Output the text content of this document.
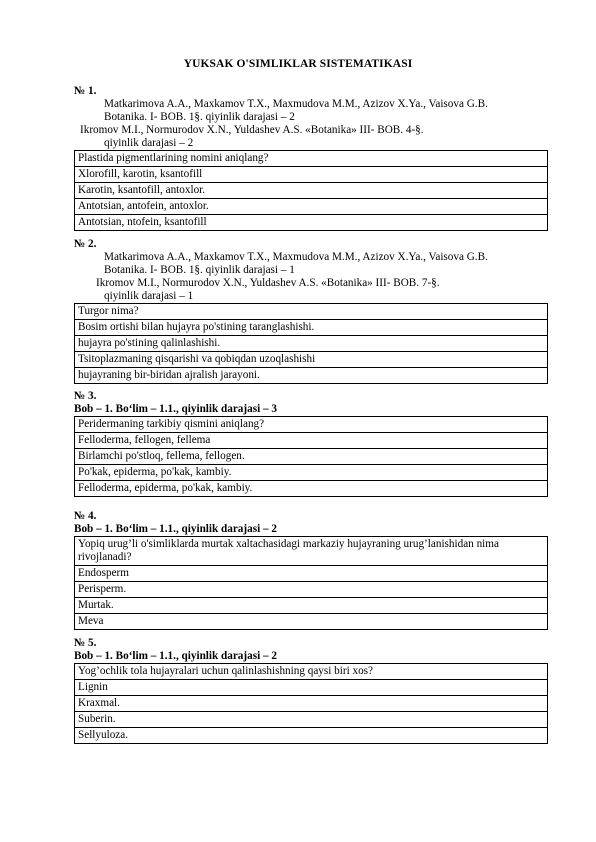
YUKSAK O'SIMLIKLAR SISTEMATIKASI
№ 1.
Matkarimova A.A., Maxkamov T.X., Maxmudova M.M., Azizov X.Ya., Vaisova G.B.
Botanika. I- BOB. 1§. qiyinlik darajasi – 2
Ikromov M.I., Normurodov X.N., Yuldashev A.S. «Botanika» III- BOB. 4-§.
qiyinlik darajasi – 2
Plastida pigmentlarining nomini aniqlang?
Xlorofill, karotin, ksantofill
Karotin, ksantofill, antoxlor.
Antotsian, antofein, antoxlor.
Antotsian, ntofein, ksantofill
№ 2.
Matkarimova A.A., Maxkamov T.X., Maxmudova M.M., Azizov X.Ya., Vaisova G.B.
Botanika. I- BOB. 1§. qiyinlik darajasi – 1
Ikromov M.I., Normurodov X.N., Yuldashev A.S. «Botanika» III- BOB. 7-§.
qiyinlik darajasi – 1
Turgor nima?
Bosim ortishi bilan hujayra po'stining taranglashishi.
hujayra po'stining qalinlashishi.
Tsitoplazmaning qisqarishi va qobiqdan uzoqlashishi
hujayraning bir-biridan ajralish jarayoni.
№ 3.
Bob – 1. Bo‘lim – 1.1., qiyinlik darajasi – 3
Peridermaning tarkibiy qismini aniqlang?
Felloderma, fellogen, fellema
Birlamchi po'stloq, fellema, fellogen.
Po'kak, epiderma, po'kak, kambiy.
Felloderma, epiderma, po'kak, kambiy.
№ 4.
Bob – 1. Bo‘lim – 1.1., qiyinlik darajasi – 2
Yopiq urug’li o'simliklarda murtak xaltachasidagi markaziy hujayraning urug’lanishidan nima rivojlanadi?
Endosperm
Perisperm.
Murtak.
Meva
№ 5.
Bob – 1. Bo‘lim – 1.1., qiyinlik darajasi – 2
Yog’ochlik tola hujayralari uchun qalinlashishning qaysi biri xos?
Lignin
Kraxmal.
Suberin.
Sellyuloza.
